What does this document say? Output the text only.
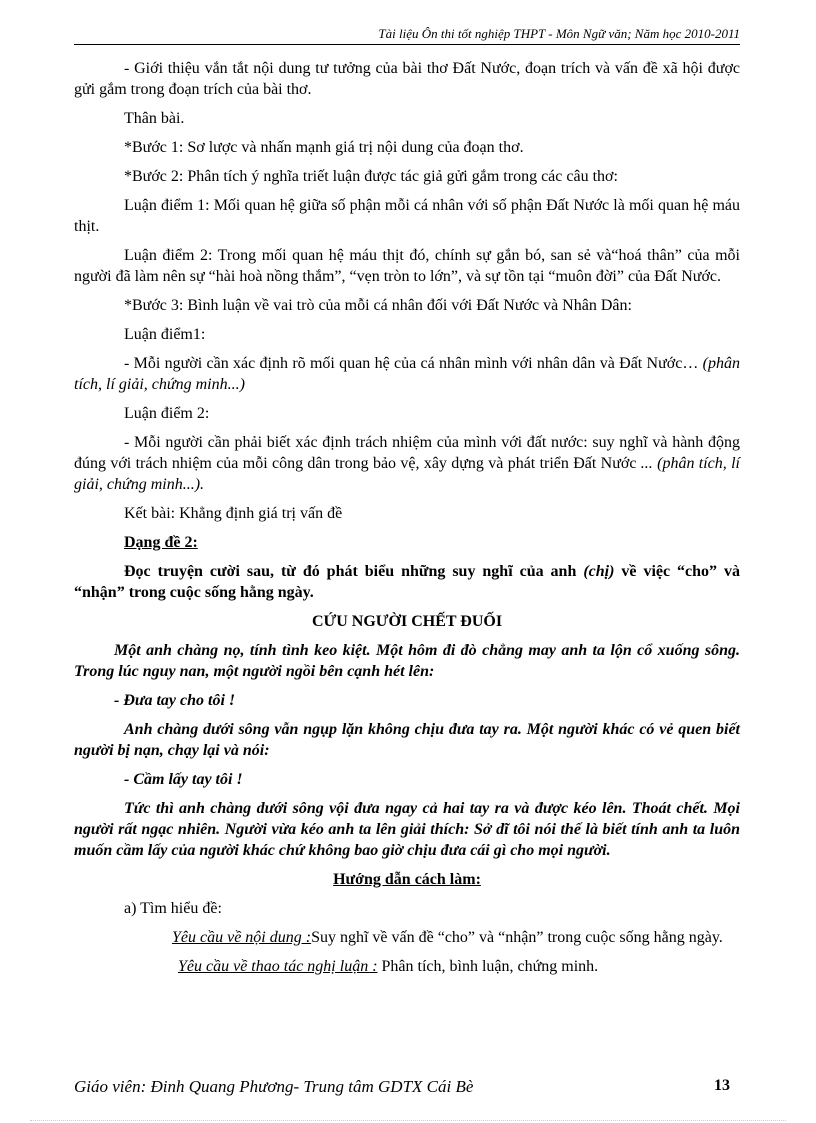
Tài liệu Ôn thi tốt nghiệp THPT - Môn Ngữ văn; Năm học 2010-2011

- Giới thiệu vắn tắt nội dung tư tưởng của bài thơ Đất Nước, đoạn trích và vấn đề xã hội được gửi gắm trong đoạn trích của bài thơ.

Thân bài.

*Bước 1: Sơ lược và nhấn mạnh giá trị nội dung của đoạn thơ.

*Bước 2: Phân tích ý nghĩa triết luận được tác giả gửi gắm trong các câu thơ:

Luận điểm 1: Mối quan hệ giữa số phận mỗi cá nhân với số phận Đất Nước là mối quan hệ máu thịt.

Luận điểm 2: Trong mối quan hệ máu thịt đó, chính sự gắn bó, san sẻ và“hoá thân” của mỗi người đã làm nên sự “hài hoà nồng thắm”, “vẹn tròn to lớn”, và sự tồn tại “muôn đời” của Đất Nước.

*Bước 3: Bình luận về vai trò của mỗi cá nhân đối với Đất Nước và Nhân Dân:

Luận điểm1:

- Mỗi người cần xác định rõ mối quan hệ của cá nhân mình với nhân dân và Đất Nước… (phân tích, lí giải, chứng minh...)

Luận điểm 2:

- Mỗi người cần phải biết xác định trách nhiệm của mình với đất nước: suy nghĩ và hành động đúng với trách nhiệm của mỗi công dân trong bảo vệ, xây dựng và phát triển Đất Nước ... (phân tích, lí giải, chứng minh...).

Kết bài: Khẳng định giá trị vấn đề

Dạng đề 2:

Đọc truyện cười sau, từ đó phát biểu những suy nghĩ của anh (chị) về việc “cho” và “nhận” trong cuộc sống hằng ngày.

CỨU NGƯỜI CHẾT ĐUỐI

Một anh chàng nọ, tính tình keo kiệt. Một hôm đi đò chẳng may anh ta lộn cổ xuống sông. Trong lúc nguy nan, một người ngồi bên cạnh hét lên:

- Đưa tay cho tôi !

Anh chàng dưới sông vẫn ngụp lặn không chịu đưa tay ra. Một người khác có vẻ quen biết người bị nạn, chạy lại và nói:

- Cầm lấy tay tôi !

Tức thì anh chàng dưới sông vội đưa ngay cả hai tay ra và được kéo lên. Thoát chết. Mọi người rất ngạc nhiên. Người vừa kéo anh ta lên giải thích: Sở dĩ tôi nói thế là biết tính anh ta luôn muốn cầm lấy của người khác chứ không bao giờ chịu đưa cái gì cho mọi người.

Hướng dẫn cách làm:

a) Tìm hiểu đề:

Yêu cầu về nội dung :Suy nghĩ về vấn đề “cho” và “nhận” trong cuộc sống hằng ngày.

Yêu cầu về thao tác nghị luận : Phân tích, bình luận, chứng minh.

Giáo viên: Đinh Quang Phương- Trung tâm GDTX Cái Bè	13
